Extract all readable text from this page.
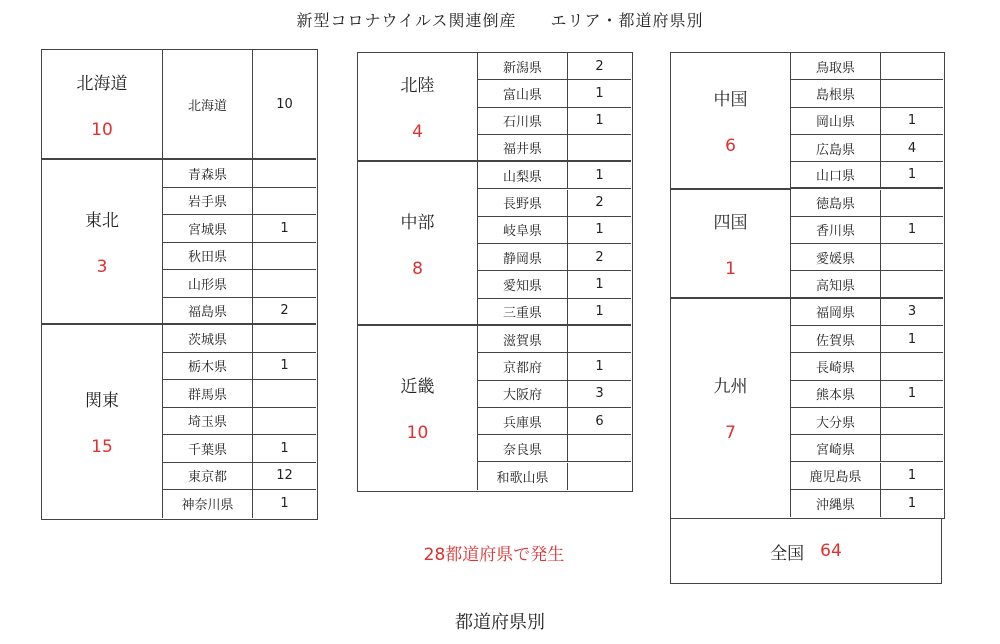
新型コロナウイルス関連倒産　　エリア・都道府県別
北海道
10
北海道	10
東北
3
青森県
岩手県
宮城県	1
秋田県
山形県
福島県	2
関東
15
茨城県
栃木県	1
群馬県
埼玉県
千葉県	1
東京都	12
神奈川県	1
北陸
4
新潟県	2
富山県	1
石川県	1
福井県
中部
8
山梨県	1
長野県	2
岐阜県	1
静岡県	2
愛知県	1
三重県	1
近畿
10
滋賀県
京都府	1
大阪府	3
兵庫県	6
奈良県
和歌山県
中国
6
鳥取県
島根県
岡山県	1
広島県	4
山口県	1
四国
1
徳島県
香川県	1
愛媛県
高知県
九州
7
福岡県	3
佐賀県	1
長崎県
熊本県	1
大分県
宮崎県
鹿児島県	1
沖縄県	1
28都道府県で発生	全国 64
都道府県別
